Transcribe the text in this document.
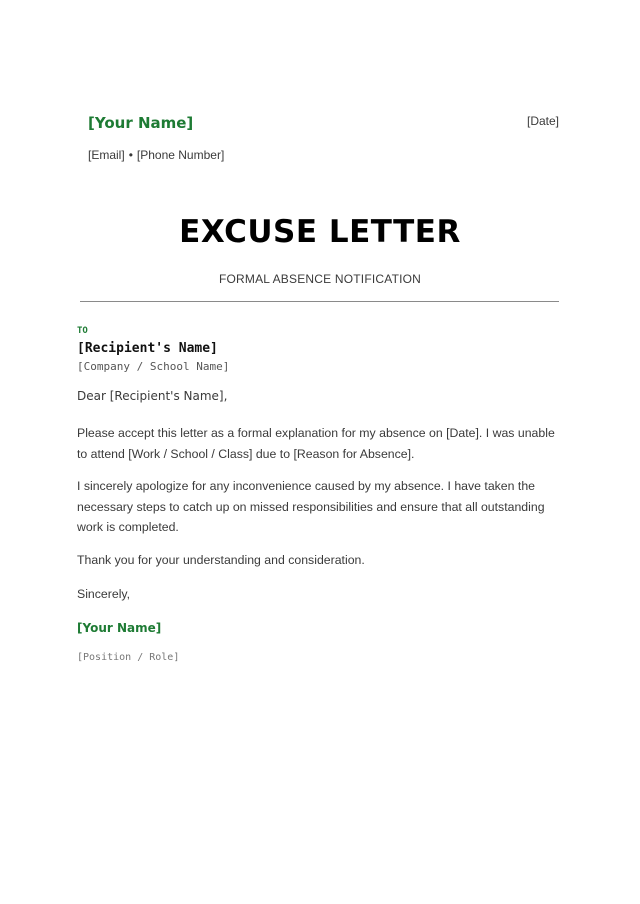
[Your Name]	[Date]
[Email] • [Phone Number]
EXCUSE LETTER
FORMAL ABSENCE NOTIFICATION
TO
[Recipient's Name]
[Company / School Name]
Dear [Recipient's Name],

Please accept this letter as a formal explanation for my absence on [Date]. I was unable to attend [Work / School / Class] due to [Reason for Absence].

I sincerely apologize for any inconvenience caused by my absence. I have taken the necessary steps to catch up on missed responsibilities and ensure that all outstanding work is completed.

Thank you for your understanding and consideration.

Sincerely,

[Your Name]
[Position / Role]
